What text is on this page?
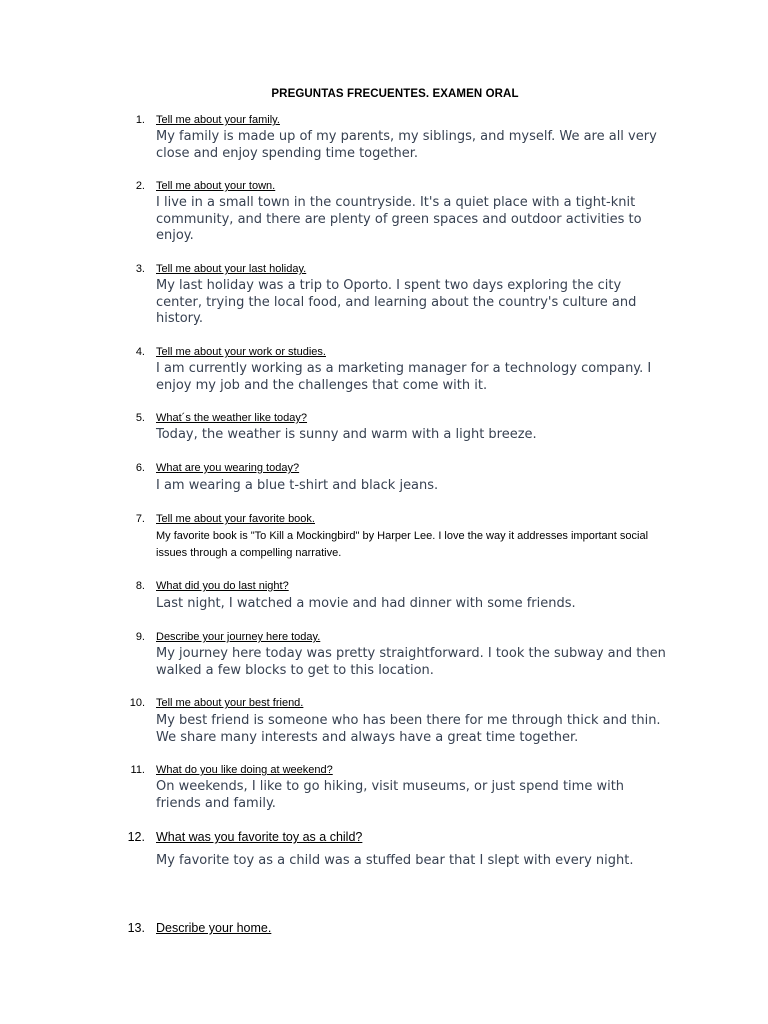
PREGUNTAS FRECUENTES. EXAMEN ORAL
1. Tell me about your family.
My family is made up of my parents, my siblings, and myself. We are all very close and enjoy spending time together.
2. Tell me about your town.
I live in a small town in the countryside. It's a quiet place with a tight-knit community, and there are plenty of green spaces and outdoor activities to enjoy.
3. Tell me about your last holiday.
My last holiday was a trip to Oporto. I spent two days exploring the city center, trying the local food, and learning about the country's culture and history.
4. Tell me about your work or studies.
I am currently working as a marketing manager for a technology company. I enjoy my job and the challenges that come with it.
5. What´s the weather like today?
Today, the weather is sunny and warm with a light breeze.
6. What are you wearing today?
I am wearing a blue t-shirt and black jeans.
7. Tell me about your favorite book.
My favorite book is "To Kill a Mockingbird" by Harper Lee. I love the way it addresses important social issues through a compelling narrative.
8. What did you do last night?
Last night, I watched a movie and had dinner with some friends.
9. Describe your journey here today.
My journey here today was pretty straightforward. I took the subway and then walked a few blocks to get to this location.
10. Tell me about your best friend.
My best friend is someone who has been there for me through thick and thin. We share many interests and always have a great time together.
11. What do you like doing at weekend?
On weekends, I like to go hiking, visit museums, or just spend time with friends and family.
12. What was you favorite toy as a child?
My favorite toy as a child was a stuffed bear that I slept with every night.
13. Describe your home.
